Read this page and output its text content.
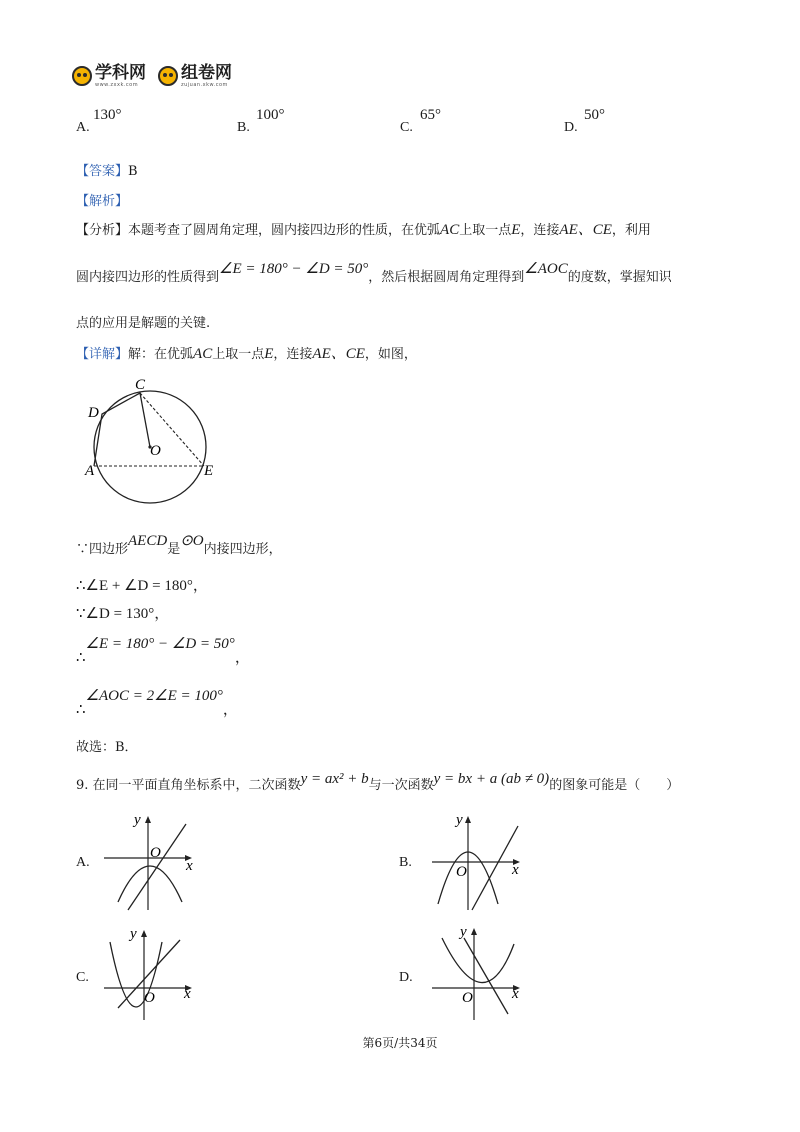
学科网
www.zxxk.com
组卷网
zujuan.xkw.com
A.
130°
B.
100°
C.
65°
D.
50°
【答案】B
【解析】
【分析】本题考查了圆周角定理，圆内接四边形的性质，在优弧AC上取一点E，连接AE、CE，利用
圆内接四边形的性质得到∠E = 180° − ∠D = 50°，然后根据圆周角定理得到∠AOC的度数，掌握知识
点的应用是解题的关键.
【详解】解：在优弧AC上取一点E，连接AE、CE，如图，
C
D
O
A	E
∵四边形AECD是⊙O内接四边形，
∴∠E + ∠D = 180°，
∵∠D = 130°，
∴∠E = 180° − ∠D = 50°，
∴∠AOC = 2∠E = 100°，
故选：B．
9. 在同一平面直角坐标系中，二次函数y = ax² + b与一次函数y = bx + a (ab ≠ 0)的图象可能是（　　）
A.
y
x
O
B.
y
x
O
C.
y
x
O
D.
y
x
O
第6页/共34页
